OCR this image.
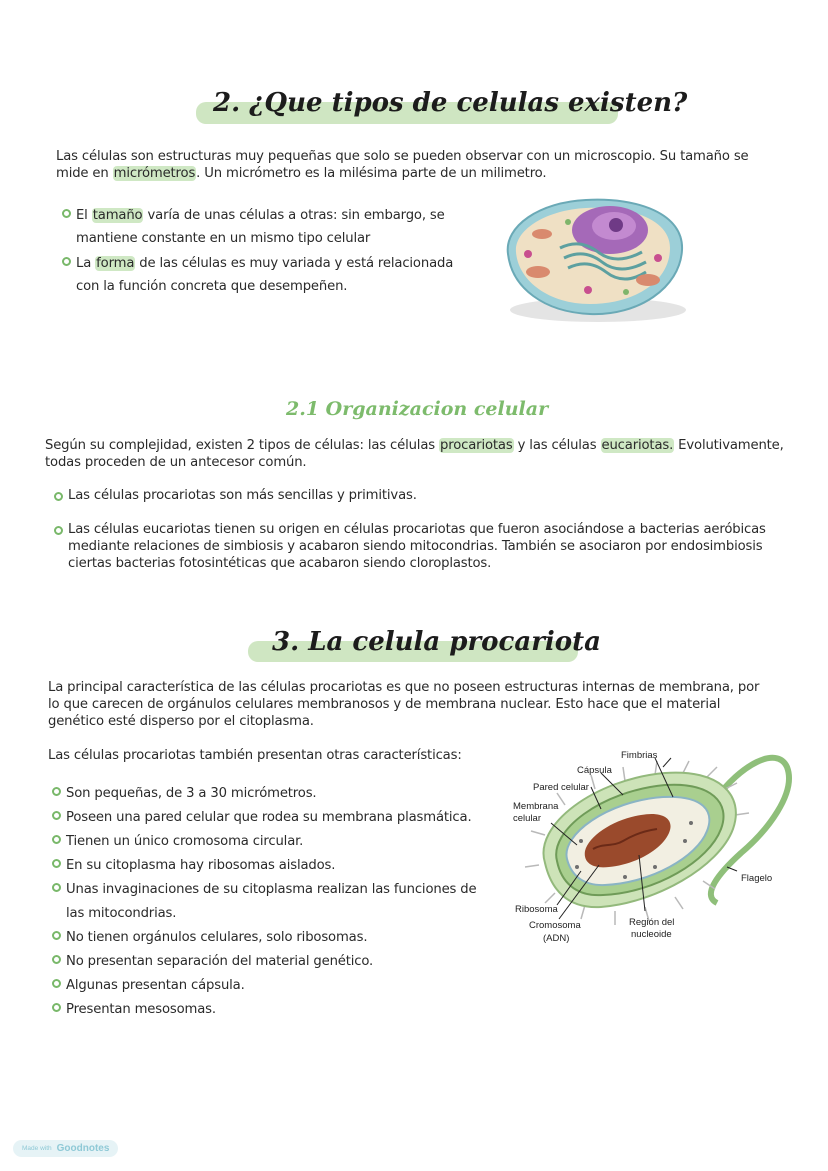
2. ¿Que tipos de celulas existen?
Las células son estructuras muy pequeñas que solo se pueden observar con un microscopio. Su tamaño se mide en micrómetros. Un micrómetro es la milésima parte de un milimetro.
El tamaño varía de unas células a otras: sin embargo, se mantiene constante en un mismo tipo celular
La forma de las células es muy variada y está relacionada con la función concreta que desempeñen.
2.1 Organizacion celular
Según su complejidad, existen 2 tipos de células: las células procariotas y las células eucariotas. Evolutivamente, todas proceden de un antecesor común.
Las células procariotas son más sencillas y primitivas.
Las células eucariotas tienen su origen en células procariotas que fueron asociándose a bacterias aeróbicas mediante relaciones de simbiosis y acabaron siendo mitocondrias. También se asociaron por endosimbiosis ciertas bacterias fotosintéticas que acabaron siendo cloroplastos.
3. La celula procariota
La principal característica de las células procariotas es que no poseen estructuras internas de membrana, por lo que carecen de orgánulos celulares membranosos y de membrana nuclear. Esto hace que el material genético esté disperso por el citoplasma.
Las células procariotas también presentan otras características:
Son pequeñas, de 3 a 30 micrómetros.
Poseen una pared celular que rodea su membrana plasmática.
Tienen un único cromosoma circular.
En su citoplasma hay ribosomas aislados.
Unas invaginaciones de su citoplasma realizan las funciones de las mitocondrias.
No tienen orgánulos celulares, solo ribosomas.
No presentan separación del material genético.
Algunas presentan cápsula.
Presentan mesosomas.
Fimbrias
Cápsula
Pared celular
Membrana
celular
Flagelo
Ribosoma
Cromosoma
(ADN)
Región del
nucleoide
Made with Goodnotes
